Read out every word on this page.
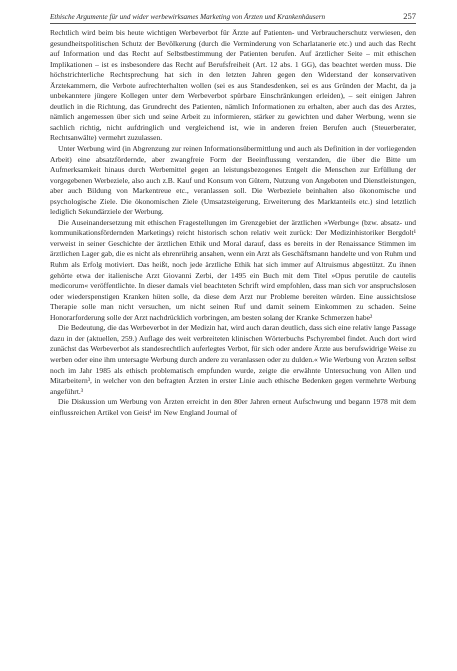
Ethische Argumente für und wider werbewirksames Marketing von Ärzten und Krankenhäusern	257

Rechtlich wird beim bis heute wichtigen Werbeverbot für Ärzte auf Patienten- und Verbraucherschutz verwiesen, den gesundheitspolitischen Schutz der Bevölkerung (durch die Verminderung von Scharlatanerie etc.) und auch das Recht auf Information und das Recht auf Selbstbestimmung der Patienten berufen. Auf ärztlicher Seite – mit ethischen Implikationen – ist es insbesondere das Recht auf Berufsfreiheit (Art. 12 abs. 1 GG), das beachtet werden muss. Die höchstrichterliche Rechtsprechung hat sich in den letzten Jahren gegen den Widerstand der konservativen Ärztekammern, die Verbote aufrechterhalten wollen (sei es aus Standesdenken, sei es aus Gründen der Macht, da ja unbekanntere jüngere Kollegen unter dem Werbeverbot spürbare Einschränkungen erleiden), – seit einigen Jahren deutlich in die Richtung, das Grundrecht des Patienten, nämlich Informationen zu erhalten, aber auch das des Arztes, nämlich angemessen über sich und seine Arbeit zu informieren, stärker zu gewichten und daher Werbung, wenn sie sachlich richtig, nicht aufdringlich und vergleichend ist, wie in anderen freien Berufen auch (Steuerberater, Rechtsanwälte) vermehrt zuzulassen.

Unter Werbung wird (in Abgrenzung zur reinen Informationsübermittlung und auch als Definition in der vorliegenden Arbeit) eine absatzfördernde, aber zwangfreie Form der Beeinflussung verstanden, die über die Bitte um Aufmerksamkeit hinaus durch Werbemittel gegen an leistungsbezogenes Entgelt die Menschen zur Erfüllung der vorgegebenen Werbeziele, also auch z.B. Kauf und Konsum von Gütern, Nutzung von Angeboten und Dienstleistungen, aber auch Bildung von Markentreue etc., veranlassen soll. Die Werbeziele beinhalten also ökonomische und psychologische Ziele. Die ökonomischen Ziele (Umsatzsteigerung, Erweiterung des Marktanteils etc.) sind letztlich lediglich Sekundärziele der Werbung.

Die Auseinandersetzung mit ethischen Fragestellungen im Grenzgebiet der ärztlichen »Werbung« (bzw. absatz- und kommunikationsfördernden Marketings) reicht historisch schon relativ weit zurück: Der Medizinhistoriker Bergdolt¹ verweist in seiner Geschichte der ärztlichen Ethik und Moral darauf, dass es bereits in der Renaissance Stimmen im ärztlichen Lager gab, die es nicht als ehrenrührig ansahen, wenn ein Arzt als Geschäftsmann handelte und von Ruhm und Ruhm als Erfolg motiviert. Das heißt, noch jede ärztliche Ethik hat sich immer auf Altruismus abgestützt. Zu ihnen gehörte etwa der italienische Arzt Giovanni Zerbi, der 1495 ein Buch mit dem Titel »Opus perutile de cautelis medicorum« veröffentlichte. In dieser damals viel beachteten Schrift wird empfohlen, dass man sich vor anspruchslosen oder wiederspenstigen Kranken hüten solle, da diese dem Arzt nur Probleme bereiten würden. Eine aussichtslose Therapie solle man nicht versuchen, um nicht seinen Ruf und damit seinem Einkommen zu schaden. Seine Honorarforderung solle der Arzt nachdrücklich vorbringen, am besten solang der Kranke Schmerzen habe²

Die Bedeutung, die das Werbeverbot in der Medizin hat, wird auch daran deutlich, dass sich eine relativ lange Passage dazu in der (aktuellen, 259.) Auflage des weit verbreiteten klinischen Wörterbuchs Pschyrembel findet. Auch dort wird zunächst das Werbeverbot als standesrechtlich auferlegtes Verbot, für sich oder andere Ärzte aus berufswidrige Weise zu werben oder eine ihm untersagte Werbung durch andere zu veranlassen oder zu dulden.« Wie Werbung von Ärzten selbst noch im Jahr 1985 als ethisch problematisch empfunden wurde, zeigte die erwähnte Untersuchung von Allen und Mitarbeitern³, in welcher von den befragten Ärzten in erster Linie auch ethische Bedenken gegen vermehrte Werbung angeführt.³

Die Diskussion um Werbung von Ärzten erreicht in den 80er Jahren erneut Aufschwung und begann 1978 mit dem einflussreichen Artikel von Geist¹ im New England Journal of
